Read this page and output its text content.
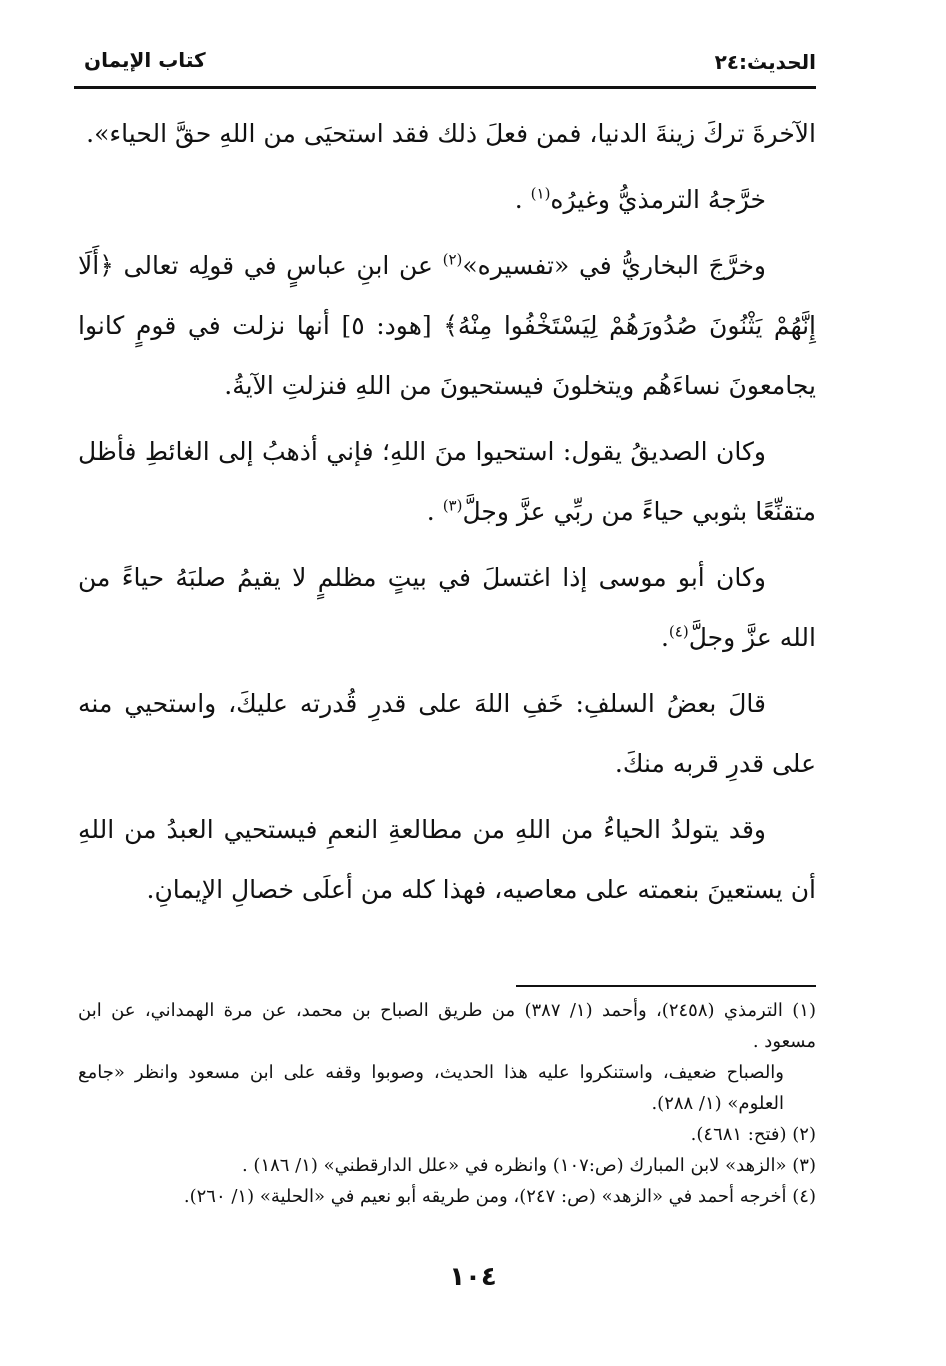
الحديث:٢٤
كتاب الإيمان

الآخرةَ تركَ زينةَ الدنيا، فمن فعلَ ذلك فقد استحيَى من اللهِ حقَّ الحياء».

خرَّجهُ الترمذيُّ وغيرُه$^{(١)}$ .

وخرَّجَ البخاريُّ في «تفسيره»$^{(٢)}$ عن ابنِ عباسٍ في قولِه تعالى ﴿أَلَا إِنَّهُمْ يَثْنُونَ صُدُورَهُمْ لِيَسْتَخْفُوا مِنْهُ﴾ [هود: ٥] أنها نزلت في قومٍ كانوا يجامعونَ نساءَهُم ويتخلونَ فيستحيونَ من اللهِ فنزلتِ الآيةُ.

وكان الصديقُ يقول: استحيوا منَ اللهِ؛ فإني أذهبُ إلى الغائطِ فأظل متقنِّعًا بثوبي حياءً من ربِّي عزَّ وجلَّ$^{(٣)}$ .

وكان أبو موسى إذا اغتسلَ في بيتٍ مظلمٍ لا يقيمُ صلبَهُ حياءً من الله عزَّ وجلَّ$^{(٤)}$.

قالَ بعضُ السلفِ: خَفِ اللهَ على قدرِ قُدرته عليكَ، واستحيي منه على قدرِ قربه منكَ.

وقد يتولدُ الحياءُ من اللهِ من مطالعةِ النعمِ فيستحيي العبدُ من اللهِ أن يستعينَ بنعمته على معاصيه، فهذا كله من أعلَى خصالِ الإيمانِ.

(١) الترمذي (٢٤٥٨)، وأحمد (١/ ٣٨٧) من طريق الصباح بن محمد، عن مرة الهمداني، عن ابن مسعود .

والصباح ضعيف، واستنكروا عليه هذا الحديث، وصوبوا وقفه على ابن مسعود وانظر «جامع العلوم» (١/ ٢٨٨).

(٢) (فتح: ٤٦٨١).

(٣) «الزهد» لابن المبارك (ص:١٠٧) وانظره في «علل الدارقطني» (١/ ١٨٦) .

(٤) أخرجه أحمد في «الزهد» (ص: ٢٤٧)، ومن طريقه أبو نعيم في «الحلية» (١/ ٢٦٠).

١٠٤
